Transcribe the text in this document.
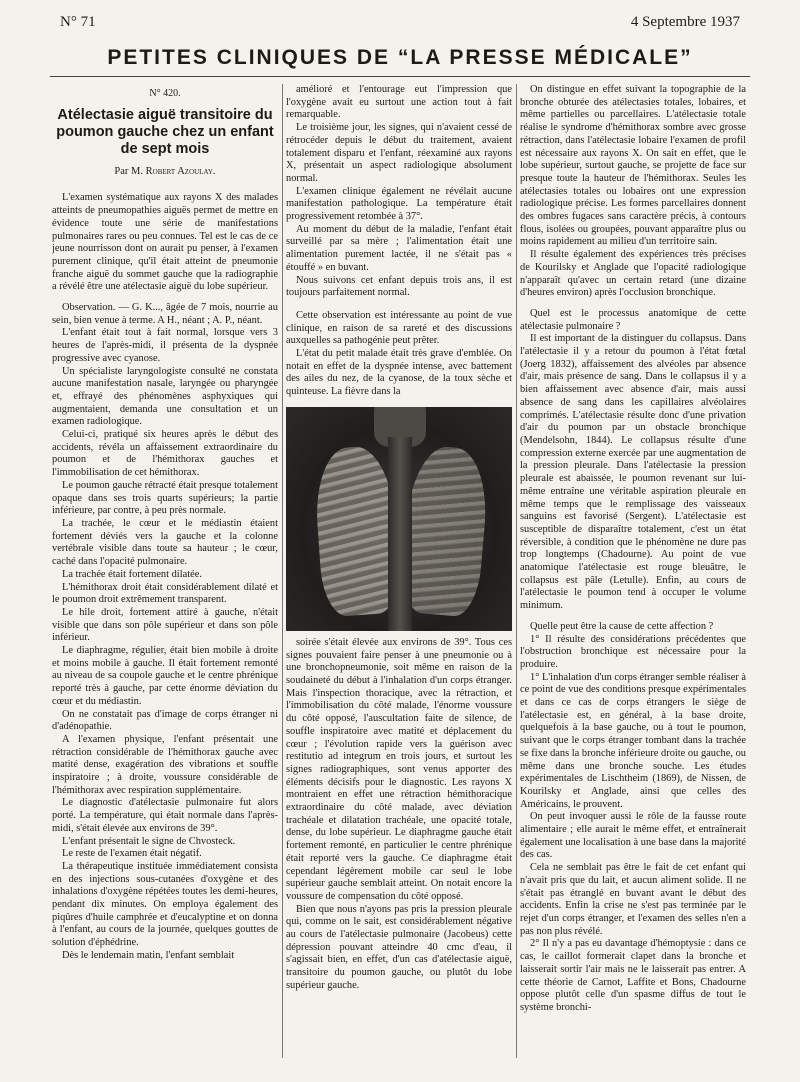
N° 71	4 Septembre 1937
PETITES CLINIQUES DE “LA PRESSE MÉDICALE”
N° 420.
Atélectasie aiguë transitoire du poumon gauche chez un enfant de sept mois
Par M. Robert Azoulay.

L'examen systématique aux rayons X des malades atteints de pneumopathies aiguës permet de mettre en évidence toute une série de manifestations pulmonaires rares ou peu connues. Tel est le cas de ce jeune nourrisson dont on aurait pu penser, à l'examen purement clinique, qu'il était atteint de pneumonie franche aiguë du sommet gauche que la radiographie a révélé être une atélectasie aiguë du lobe supérieur.

Observation. — G. K..., âgée de 7 mois, nourrie au sein, bien venue à terme. A H., néant ; A. P., néant.

L'enfant était tout à fait normal, lorsque vers 3 heures de l'après-midi, il présenta de la dyspnée progressive avec cyanose.

Un spécialiste laryngologiste consulté ne constata aucune manifestation nasale, laryngée ou pharyngée et, effrayé des phénomènes asphyxiques qui augmentaient, demanda une consultation et un examen radiologique.

Celui-ci, pratiqué six heures après le début des accidents, révéla un affaissement extraordinaire du poumon et de l'hémithorax gauches et l'immobilisation de cet hémithorax.

Le poumon gauche rétracté était presque totalement opaque dans ses trois quarts supérieurs; la partie inférieure, par contre, à peu près normale.

La trachée, le cœur et le médiastin étaient fortement déviés vers la gauche et la colonne vertébrale visible dans toute sa hauteur ; le cœur, caché dans l'opacité pulmonaire.

La trachée était fortement dilatée.

L'hémithorax droit était considérablement dilaté et le poumon droit extrêmement transparent.

Le hile droit, fortement attiré à gauche, n'était visible que dans son pôle supérieur et dans son pôle inférieur.

Le diaphragme, régulier, était bien mobile à droite et moins mobile à gauche. Il était fortement remonté au niveau de sa coupole gauche et le centre phrénique reporté très à gauche, par cette énorme déviation du cœur et du médiastin.

On ne constatait pas d'image de corps étranger ni d'adénopathie.

A l'examen physique, l'enfant présentait une rétraction considérable de l'hémithorax gauche avec matité dense, exagération des vibrations et souffle inspiratoire ; à droite, voussure considérable de l'hémithorax avec respiration supplémentaire.

Le diagnostic d'atélectasie pulmonaire fut alors porté. La température, qui était normale dans l'après-midi, s'était élevée aux environs de 39°.

L'enfant présentait le signe de Chvosteck.

Le reste de l'examen était négatif.

La thérapeutique instituée immédiatement consista en des injections sous-cutanées d'oxygène et des inhalations d'oxygène répétées toutes les demi-heures, pendant dix minutes. On employa également des piqûres d'huile camphrée et d'eucalyptine et on donna à l'enfant, au cours de la journée, quelques gouttes de solution d'éphédrine.

Dès le lendemain matin, l'enfant semblait

amélioré et l'entourage eut l'impression que l'oxygène avait eu surtout une action tout à fait remarquable.

Le troisième jour, les signes, qui n'avaient cessé de rétrocéder depuis le début du traitement, avaient totalement disparu et l'enfant, réexaminé aux rayons X, présentait un aspect radiologique absolument normal.

L'examen clinique également ne révélait aucune manifestation pathologique. La température était progressivement retombée à 37°.

Au moment du début de la maladie, l'enfant était surveillé par sa mère ; l'alimentation était une alimentation purement lactée, il ne s'était pas « étouffé » en buvant.

Nous suivons cet enfant depuis trois ans, il est toujours parfaitement normal.

Cette observation est intéressante au point de vue clinique, en raison de sa rareté et des discussions auxquelles sa pathogénie peut prêter.

L'état du petit malade était très grave d'emblée. On notait en effet de la dyspnée intense, avec battement des ailes du nez, de la cyanose, de la toux sèche et quinteuse. La fièvre dans la

soirée s'était élevée aux environs de 39°. Tous ces signes pouvaient faire penser à une pneumonie ou à une bronchopneumonie, soit même en raison de la soudaineté du début à l'inhalation d'un corps étranger. Mais l'inspection thoracique, avec la rétraction, et l'immobilisation du côté malade, l'énorme voussure du côté opposé, l'auscultation faite de silence, de souffle inspiratoire avec matité et déplacement du cœur ; l'évolution rapide vers la guérison avec restitutio ad integrum en trois jours, et surtout les signes radiographiques, sont venus apporter des éléments décisifs pour le diagnostic. Les rayons X montraient en effet une rétraction hémithoracique extraordinaire du côté malade, avec déviation trachéale et dilatation trachéale, une opacité totale, dense, du lobe supérieur. Le diaphragme gauche était fortement remonté, en particulier le centre phrénique était reporté vers la gauche. Ce diaphragme était cependant légèrement mobile car seul le lobe supérieur gauche semblait atteint. On notait encore la voussure de compensation du côté opposé.

Bien que nous n'ayons pas pris la pression pleurale qui, comme on le sait, est considérablement négative au cours de l'atélectasie pulmonaire (Jacobeus) cette dépression pouvant atteindre 40 cmc d'eau, il s'agissait bien, en effet, d'un cas d'atélectasie aiguë, transitoire du poumon gauche, ou plutôt du lobe supérieur gauche.

On distingue en effet suivant la topographie de la bronche obturée des atélectasies totales, lobaires, et même partielles ou parcellaires. L'atélectasie totale réalise le syndrome d'hémithorax sombre avec grosse rétraction, dans l'atélectasie lobaire l'examen de profil est nécessaire aux rayons X. On sait en effet, que le lobe supérieur, surtout gauche, se projette de face sur presque toute la hauteur de l'hémithorax. Seules les atélectasies totales ou lobaires ont une expression radiologique précise. Les formes parcellaires donnent des ombres fugaces sans caractère précis, à contours flous, isolées ou groupées, pouvant apparaître plus ou moins rapidement au milieu d'un territoire sain.

Il résulte également des expériences très précises de Kourilsky et Anglade que l'opacité radiologique n'apparaît qu'avec un certain retard (une dizaine d'heures environ) après l'occlusion bronchique.

Quel est le processus anatomique de cette atélectasie pulmonaire ?

Il est important de la distinguer du collapsus. Dans l'atélectasie il y a retour du poumon à l'état fœtal (Joerg 1832), affaissement des alvéoles par absence d'air, mais présence de sang. Dans le collapsus il y a bien affaissement avec absence d'air, mais aussi absence de sang dans les capillaires alvéolaires comprimés. L'atélectasie résulte donc d'une privation d'air du poumon par un obstacle bronchique (Mendelsohn, 1844). Le collapsus résulte d'une compression externe exercée par une augmentation de la pression pleurale. Dans l'atélectasie la pression pleurale est abaissée, le poumon revenant sur lui-même entraîne une véritable aspiration pleurale en même temps que le remplissage des vaisseaux sanguins est favorisé (Sergent). L'atélectasie est susceptible de disparaître totalement, c'est un état réversible, à condition que le phénomène ne dure pas trop longtemps (Chadourne). Au point de vue anatomique l'atélectasie est rouge bleuâtre, le collapsus est pâle (Letulle). Enfin, au cours de l'atélectasie le poumon tend à occuper le volume minimum.

Quelle peut être la cause de cette affection ?

1° Il résulte des considérations précédentes que l'obstruction bronchique est nécessaire pour la produire.

1° L'inhalation d'un corps étranger semble réaliser à ce point de vue des conditions presque expérimentales et dans ce cas de corps étrangers le siège de l'atélectasie est, en général, à la base droite, quelquefois à la base gauche, ou à tout le poumon, suivant que le corps étranger tombant dans la trachée se fixe dans la bronche inférieure droite ou gauche, ou même dans une bronche souche. Les études expérimentales de Lischtheim (1869), de Nissen, de Kourilsky et Anglade, ainsi que celles des Américains, le prouvent.

On peut invoquer aussi le rôle de la fausse route alimentaire ; elle aurait le même effet, et entraînerait également une localisation à une base dans la majorité des cas.

Cela ne semblait pas être le fait de cet enfant qui n'avait pris que du lait, et aucun aliment solide. Il ne s'était pas étranglé en buvant avant le début des accidents. Enfin la crise ne s'est pas terminée par le rejet d'un corps étranger, et l'examen des selles n'en a pas non plus révélé.

2° Il n'y a pas eu davantage d'hémoptysie : dans ce cas, le caillot formerait clapet dans la bronche et laisserait sortir l'air mais ne le laisserait pas entrer. A cette théorie de Carnot, Laffite et Bons, Chadourne oppose plutôt celle d'un spasme diffus de tout le système bronchi-
